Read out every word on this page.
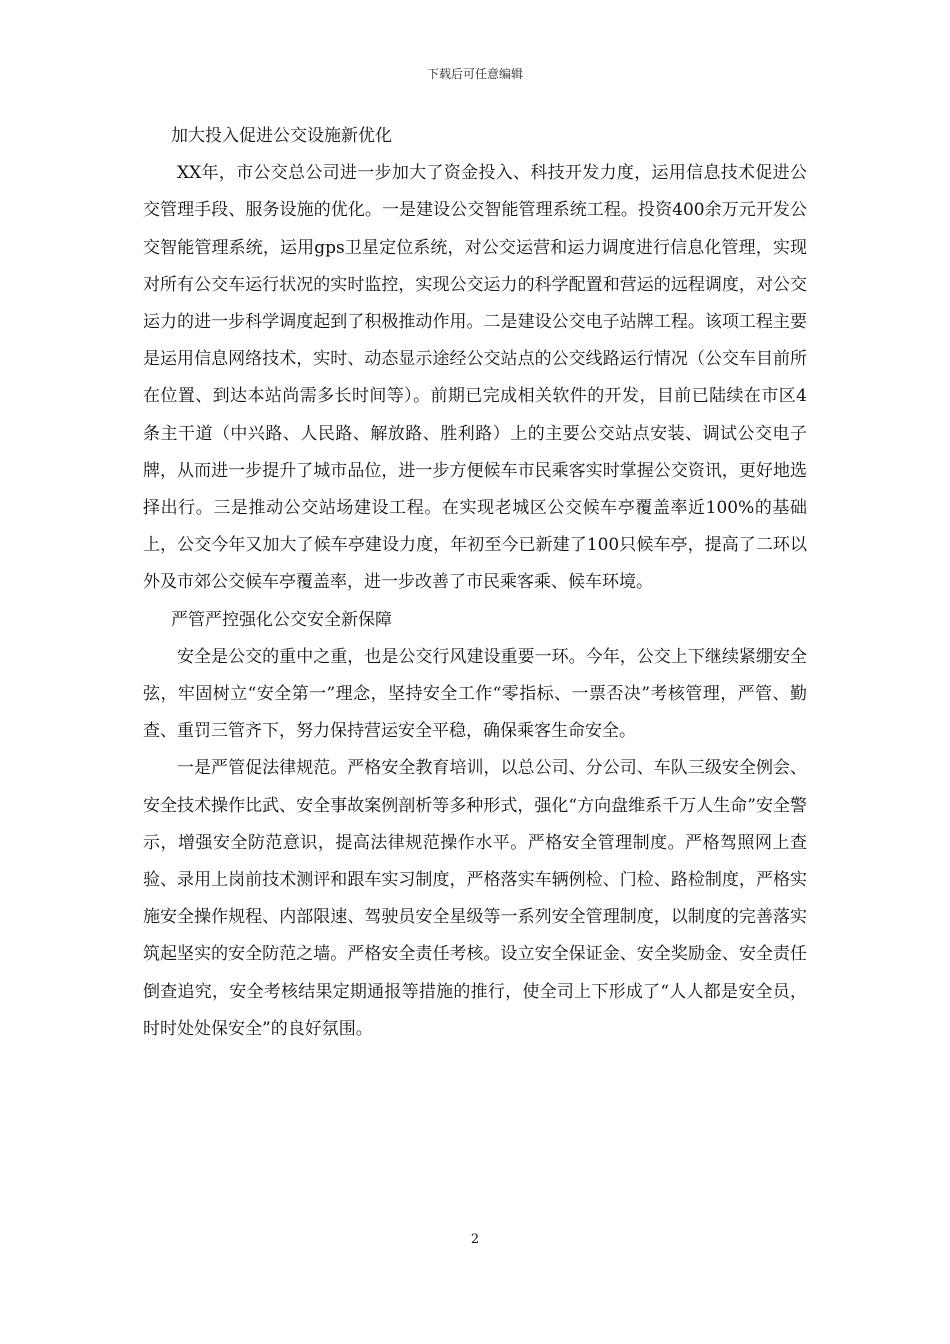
下载后可任意编辑

加大投入促进公交设施新优化

XX年，市公交总公司进一步加大了资金投入、科技开发力度，运用信息技术促进公交管理手段、服务设施的优化。一是建设公交智能管理系统工程。投资400余万元开发公交智能管理系统，运用gps卫星定位系统，对公交运营和运力调度进行信息化管理，实现对所有公交车运行状况的实时监控，实现公交运力的科学配置和营运的远程调度，对公交运力的进一步科学调度起到了积极推动作用。二是建设公交电子站牌工程。该项工程主要是运用信息网络技术，实时、动态显示途经公交站点的公交线路运行情况（公交车目前所在位置、到达本站尚需多长时间等）。前期已完成相关软件的开发，目前已陆续在市区4条主干道（中兴路、人民路、解放路、胜利路）上的主要公交站点安装、调试公交电子牌，从而进一步提升了城市品位，进一步方便候车市民乘客实时掌握公交资讯，更好地选择出行。三是推动公交站场建设工程。在实现老城区公交候车亭覆盖率近100%的基础上，公交今年又加大了候车亭建设力度，年初至今已新建了100只候车亭，提高了二环以外及市郊公交候车亭覆盖率，进一步改善了市民乘客乘、候车环境。

严管严控强化公交安全新保障

安全是公交的重中之重，也是公交行风建设重要一环。今年，公交上下继续紧绷安全弦，牢固树立“安全第一”理念，坚持安全工作“零指标、一票否决”考核管理，严管、勤查、重罚三管齐下，努力保持营运安全平稳，确保乘客生命安全。

一是严管促法律规范。严格安全教育培训，以总公司、分公司、车队三级安全例会、安全技术操作比武、安全事故案例剖析等多种形式，强化“方向盘维系千万人生命”安全警示，增强安全防范意识，提高法律规范操作水平。严格安全管理制度。严格驾照网上查验、录用上岗前技术测评和跟车实习制度，严格落实车辆例检、门检、路检制度，严格实施安全操作规程、内部限速、驾驶员安全星级等一系列安全管理制度，以制度的完善落实筑起坚实的安全防范之墙。严格安全责任考核。设立安全保证金、安全奖励金、安全责任倒查追究，安全考核结果定期通报等措施的推行，使全司上下形成了“人人都是安全员，时时处处保安全”的良好氛围。

2
